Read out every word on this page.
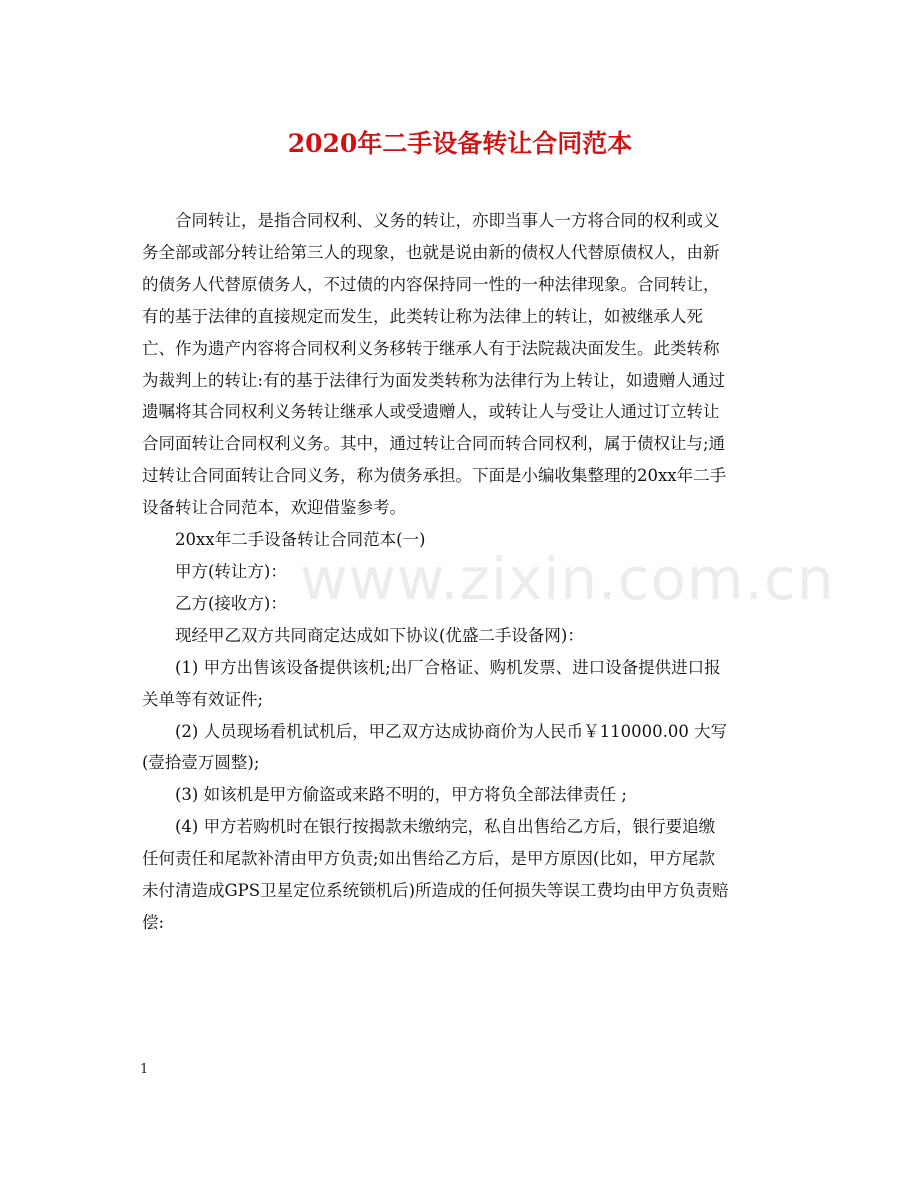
2020年二手设备转让合同范本
www.zixin.com.cn
合同转让，是指合同权利、义务的转让，亦即当事人一方将合同的权利或义
务全部或部分转让给第三人的现象，也就是说由新的债权人代替原债权人，由新
的债务人代替原债务人，不过债的内容保持同一性的一种法律现象。合同转让，
有的基于法律的直接规定而发生，此类转让称为法律上的转让，如被继承人死
亡、作为遗产内容将合同权利义务移转于继承人有于法院裁决面发生。此类转称
为裁判上的转让:有的基于法律行为面发类转称为法律行为上转让，如遗赠人通过
遗嘱将其合同权利义务转让继承人或受遗赠人，或转让人与受让人通过订立转让
合同面转让合同权利义务。其中，通过转让合同而转合同权利，属于债权让与;通
过转让合同面转让合同义务，称为债务承担。下面是小编收集整理的20xx年二手
设备转让合同范本，欢迎借鉴参考。
20xx年二手设备转让合同范本(一)
甲方(转让方)：
乙方(接收方)：
现经甲乙双方共同商定达成如下协议(优盛二手设备网)：
(1) 甲方出售该设备提供该机;出厂合格证、购机发票、进口设备提供进口报
关单等有效证件;
(2) 人员现场看机试机后，甲乙双方达成协商价为人民币￥110000.00 大写
(壹拾壹万圆整);
(3) 如该机是甲方偷盗或来路不明的，甲方将负全部法律责任 ;
(4) 甲方若购机时在银行按揭款未缴纳完，私自出售给乙方后，银行要追缴
任何责任和尾款补清由甲方负责;如出售给乙方后，是甲方原因(比如，甲方尾款
未付清造成GPS卫星定位系统锁机后)所造成的任何损失等误工费均由甲方负责赔
偿:
1
